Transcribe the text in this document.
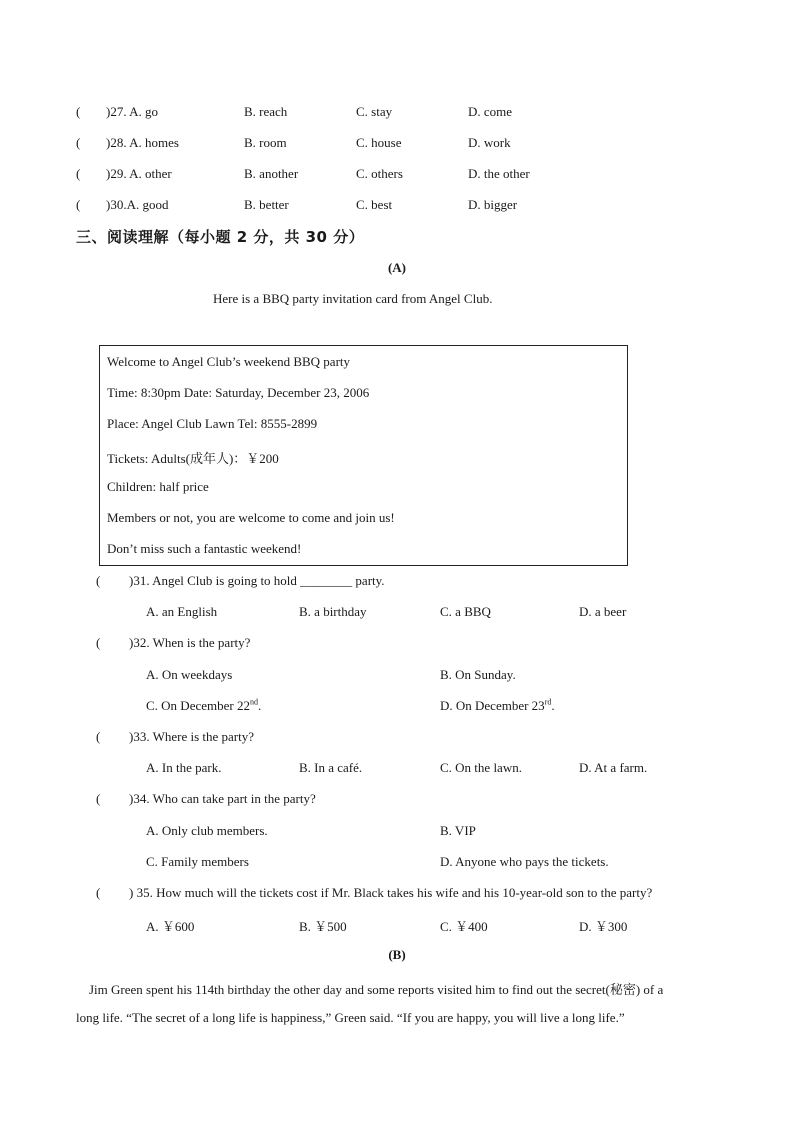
( )27. A. go	B. reach	C. stay	D. come
( )28. A. homes	B. room	C. house	D. work
( )29. A. other	B. another	C. others	D. the other
( )30.A. good	B. better	C. best	D. bigger
三、阅读理解（每小题 2 分，共 30 分）
(A)
Here is a BBQ party invitation card from Angel Club.
Welcome to Angel Club’s weekend BBQ party
Time: 8:30pm Date: Saturday, December 23, 2006
Place: Angel Club Lawn Tel: 8555-2899
Tickets: Adults(成年人)：￥200
Children: half price
Members or not, you are welcome to come and join us!
Don’t miss such a fantastic weekend!
( )31. Angel Club is going to hold ________ party.
A. an English	B. a birthday	C. a BBQ	D. a beer
( )32. When is the party?
A. On weekdays	B. On Sunday.
C. On December 22nd.	D. On December 23rd.
( )33. Where is the party?
A. In the park.	B. In a café.	C. On the lawn.	D. At a farm.
( )34. Who can take part in the party?
A. Only club members.	B. VIP
C. Family members	D. Anyone who pays the tickets.
( ) 35. How much will the tickets cost if Mr. Black takes his wife and his 10-year-old son to the party?
A. ￥600	B. ￥500	C. ￥400	D. ￥300
(B)
Jim Green spent his 114th birthday the other day and some reports visited him to find out the secret(秘密) of a
long life. “The secret of a long life is happiness,” Green said. “If you are happy, you will live a long life.”
